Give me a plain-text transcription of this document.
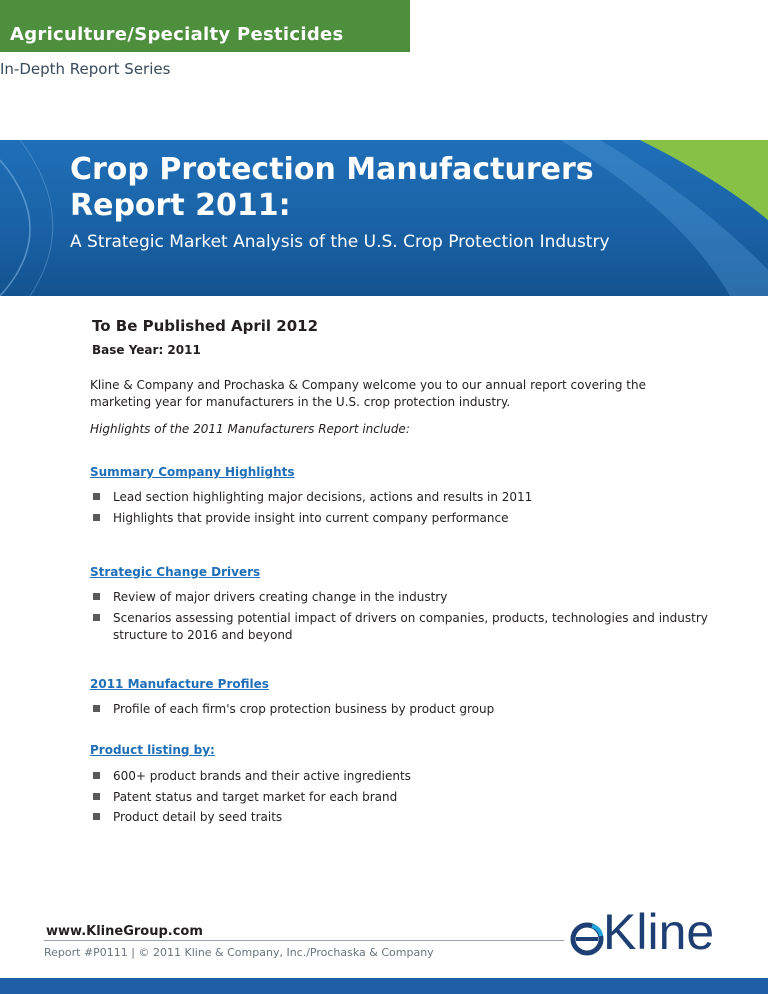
Agriculture/Specialty Pesticides
In-Depth Report Series
Crop Protection Manufacturers
Report 2011:
A Strategic Market Analysis of the U.S. Crop Protection Industry
To Be Published April 2012
Base Year: 2011
Kline & Company and Prochaska & Company welcome you to our annual report covering the marketing year for manufacturers in the U.S. crop protection industry.
Highlights of the 2011 Manufacturers Report include:
Summary Company Highlights
Lead section highlighting major decisions, actions and results in 2011
Highlights that provide insight into current company performance
Strategic Change Drivers
Review of major drivers creating change in the industry
Scenarios assessing potential impact of drivers on companies, products, technologies and industry structure to 2016 and beyond
2011 Manufacture Profiles
Profile of each firm's crop protection business by product group
Product listing by:
600+ product brands and their active ingredients
Patent status and target market for each brand
Product detail by seed traits
www.KlineGroup.com
Report #P0111 | © 2011 Kline & Company, Inc./Prochaska & Company	Kline
